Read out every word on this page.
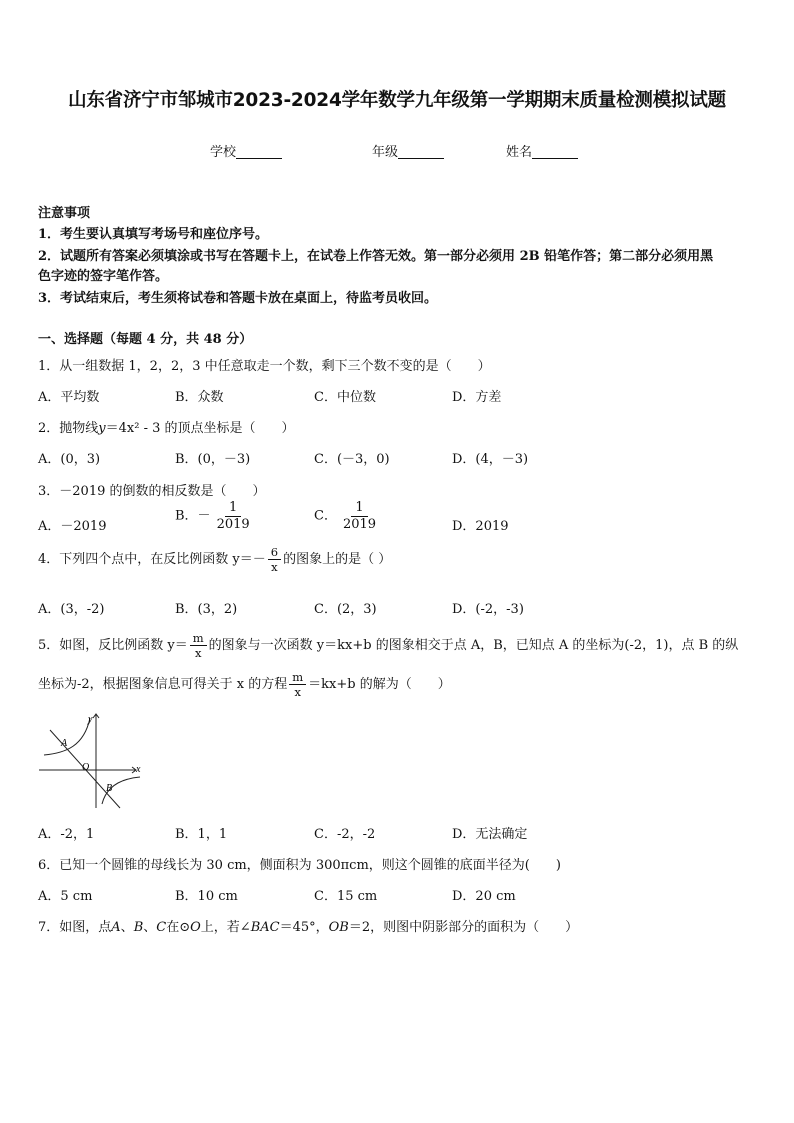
山东省济宁市邹城市2023-2024学年数学九年级第一学期期末质量检测模拟试题
学校	年级	姓名
注意事项
1．考生要认真填写考场号和座位序号。
2．试题所有答案必须填涂或书写在答题卡上，在试卷上作答无效。第一部分必须用 2B 铅笔作答；第二部分必须用黑
色字迹的签字笔作答。
3．考试结束后，考生须将试卷和答题卡放在桌面上，待监考员收回。
一、选择题（每题 4 分，共 48 分）
1．从一组数据 1，2，2，3 中任意取走一个数，剩下三个数不变的是（　　）
A．平均数	B．众数	C．中位数	D．方差
2．抛物线y＝4x² - 3 的顶点坐标是（　　）
A．(0，3)	B．(0，－3)	C．(－3，0)	D．(4，－3)
3．－2019 的倒数的相反数是（　　）
A．－2019
B．－ $\frac{1}{2019}$	C． $\frac{1}{2019}$	D．2019
4．下列四个点中，在反比例函数 $y=- \frac{6}{x}$ 的图象上的是（ ）
A．(3，-2)	B．(3，2)	C．(2，3)	D．(-2，-3)
5．如图，反比例函数 $y= \frac{m}{x}$ 的图象与一次函数 y＝kx+b 的图象相交于点 A，B，已知点 A 的坐标为(-2，1)，点 B 的纵
坐标为-2，根据图象信息可得关于 x 的方程 $\frac{m}{x} =kx+b$ 的解为（　　）
y
x
A
O
B
A．-2，1	B．1，1	C．-2，-2	D．无法确定
6．已知一个圆锥的母线长为 30 cm，侧面积为 300πcm，则这个圆锥的底面半径为(　　)
A．5 cm	B．10 cm	C．15 cm	D．20 cm
7．如图，点A、B、C在⊙O上，若∠BAC＝45°，OB＝2，则图中阴影部分的面积为（　　）
